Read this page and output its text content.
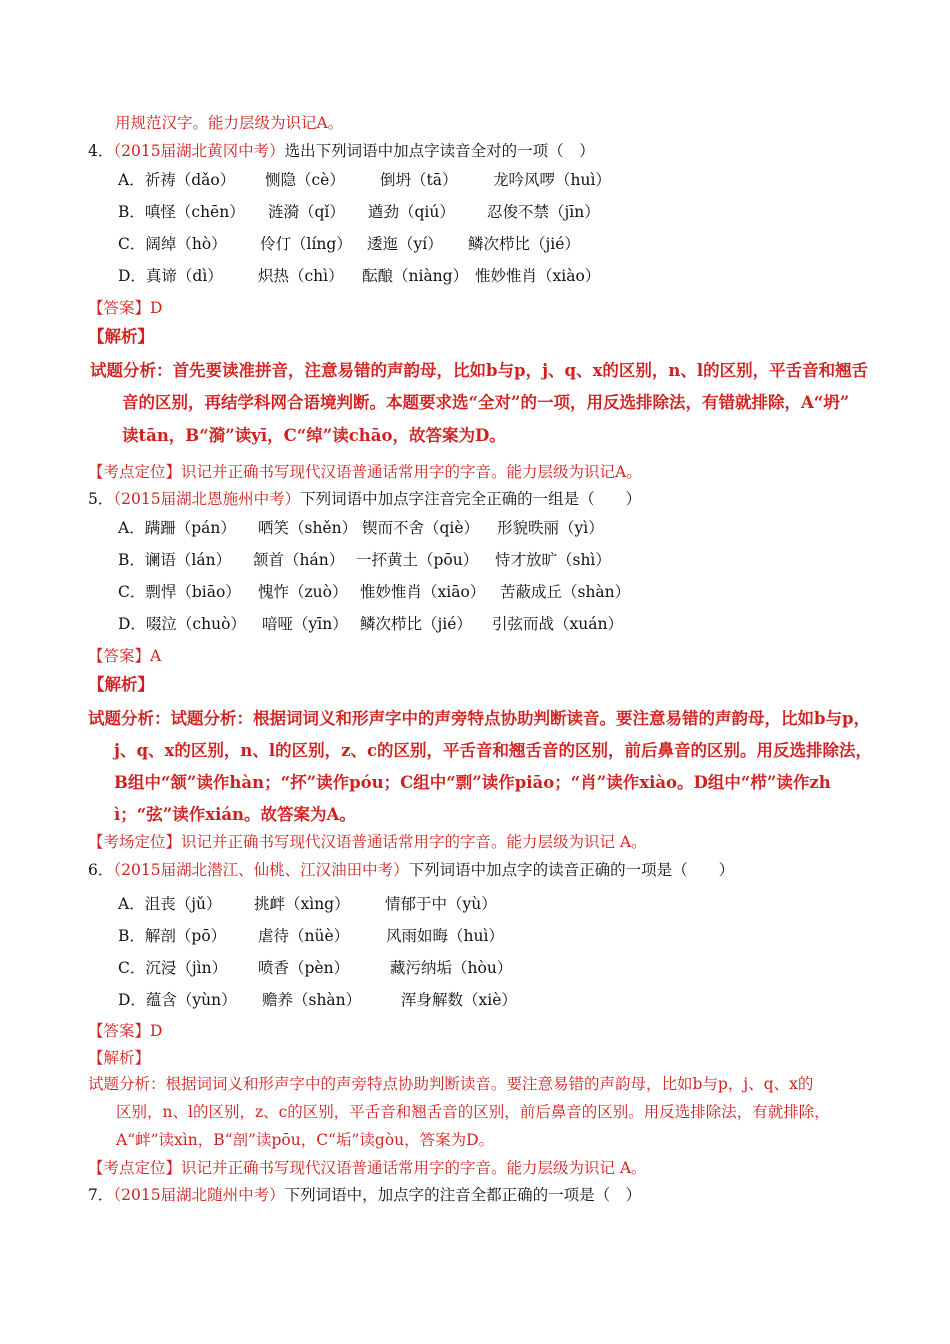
用规范汉字。能力层级为识记A。
4．（2015届湖北黄冈中考）选出下列词语中加点字读音全对的一项（　）
A．祈祷（dǎo） 恻隐（cè） 倒坍（tā） 龙吟风啰（huì）
B．嗔怪（chēn） 涟漪（qǐ） 遒劲（qiú） 忍俊不禁（jīn）
C．阔绰（hò） 伶仃（líng） 逶迤（yí） 鳞次栉比（jié）
D．真谛（dì） 炽热（chì） 酝酿（niàng） 惟妙惟肖（xiào）
【答案】D
【解析】
试题分析：首先要读准拼音，注意易错的声韵母，比如b与p，j、q、x的区别，n、l的区别，平舌音和翘舌
音的区别，再结学科网合语境判断。本题要求选“全对”的一项，用反选排除法，有错就排除，A“坍”
读tān，B“漪”读yī，C“绰”读chāo，故答案为D。
【考点定位】识记并正确书写现代汉语普通话常用字的字音。能力层级为识记A。
5．（2015届湖北恩施州中考）下列词语中加点字注音完全正确的一组是（　　）
A．蹒跚（pán） 哂笑（shěn） 锲而不舍（qiè） 形貌昳丽（yì）
B．谰语（lán） 颔首（hán） 一抔黄土（pōu） 恃才放旷（shì）
C．剽悍（biāo） 愧怍（zuò） 惟妙惟肖（xiāo） 苦蔽成丘（shàn）
D．啜泣（chuò） 喑哑（yīn） 鳞次栉比（jié） 引弦而战（xuán）
【答案】A
【解析】
试题分析：试题分析：根据词词义和形声字中的声旁特点协助判断读音。要注意易错的声韵母，比如b与p，
j、q、x的区别，n、l的区别，z、c的区别，平舌音和翘舌音的区别，前后鼻音的区别。用反选排除法，
B组中“颔”读作hàn；“抔”读作póu；C组中“剽”读作piāo；“肖”读作xiào。D组中“栉”读作zh
ì；“弦”读作xián。故答案为A。
【考场定位】识记并正确书写现代汉语普通话常用字的字音。能力层级为识记 A。
6．（2015届湖北潜江、仙桃、江汉油田中考）下列词语中加点字的读音正确的一项是（　　）
A．沮丧（jǔ） 挑衅（xìng） 情郁于中（yù）
B．解剖（pō） 虐待（nüè） 风雨如晦（huì）
C．沉浸（jìn） 喷香（pèn）	藏污纳垢（hòu）
D．蕴含（yùn） 赡养（shàn）	浑身解数（xiè）
【答案】D
【解析】
试题分析：根据词词义和形声字中的声旁特点协助判断读音。要注意易错的声韵母，比如b与p，j、q、x的
区别，n、l的区别，z、c的区别，平舌音和翘舌音的区别，前后鼻音的区别。用反选排除法，有就排除，
A“衅”读xìn，B“剖”读pōu，C“垢”读gòu，答案为D。
【考点定位】识记并正确书写现代汉语普通话常用字的字音。能力层级为识记 A。
7．（2015届湖北随州中考）下列词语中，加点字的注音全都正确的一项是（　）
